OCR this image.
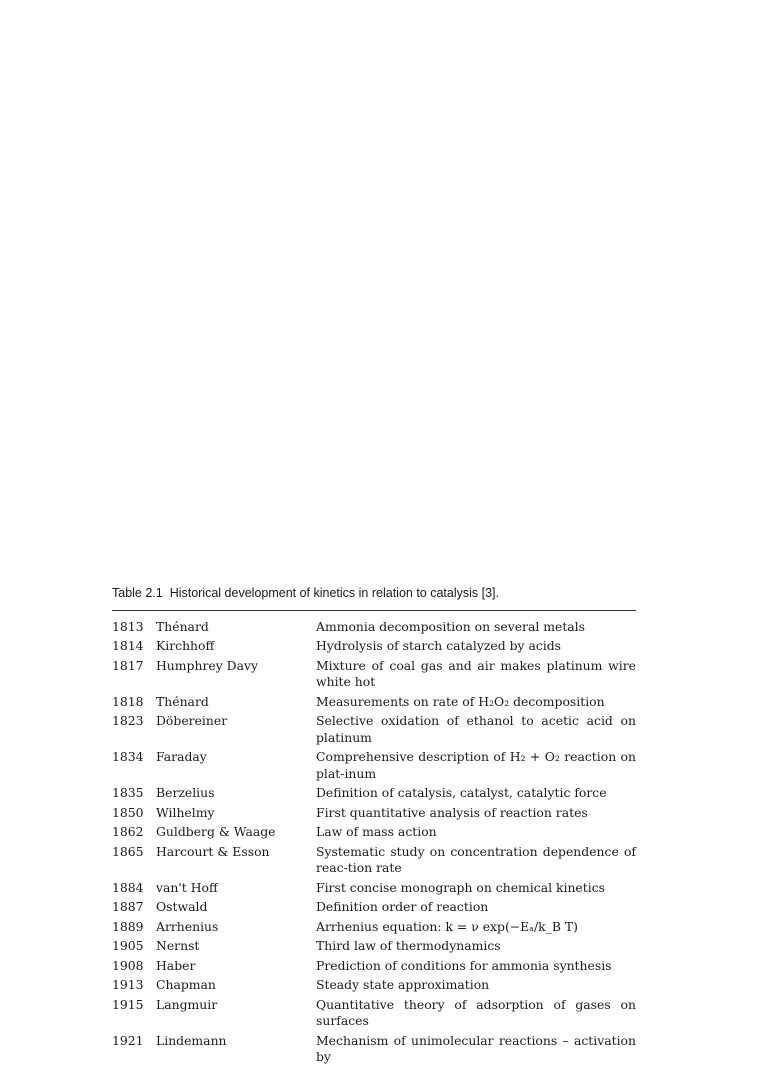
Table 2.1 Historical development of kinetics in relation to catalysis [3].

1813	Thénard	Ammonia decomposition on several metals
1814	Kirchhoff	Hydrolysis of starch catalyzed by acids
1817	Humphrey Davy	Mixture of coal gas and air makes platinum wire white hot
1818	Thénard	Measurements on rate of H₂O₂ decomposition
1823	Döbereiner	Selective oxidation of ethanol to acetic acid on platinum
1834	Faraday	Comprehensive description of H₂ + O₂ reaction on plat-inum
1835	Berzelius	Definition of catalysis, catalyst, catalytic force
1850	Wilhelmy	First quantitative analysis of reaction rates
1862	Guldberg & Waage	Law of mass action
1865	Harcourt & Esson	Systematic study on concentration dependence of reac-tion rate
1884	van't Hoff	First concise monograph on chemical kinetics
1887	Ostwald	Definition order of reaction
1889	Arrhenius	Arrhenius equation: k = ν exp(−Eₐ/k_B T)
1905	Nernst	Third law of thermodynamics
1908	Haber	Prediction of conditions for ammonia synthesis
1913	Chapman	Steady state approximation
1915	Langmuir	Quantitative theory of adsorption of gases on surfaces
1921	Lindemann	Mechanism of unimolecular reactions – activation by
